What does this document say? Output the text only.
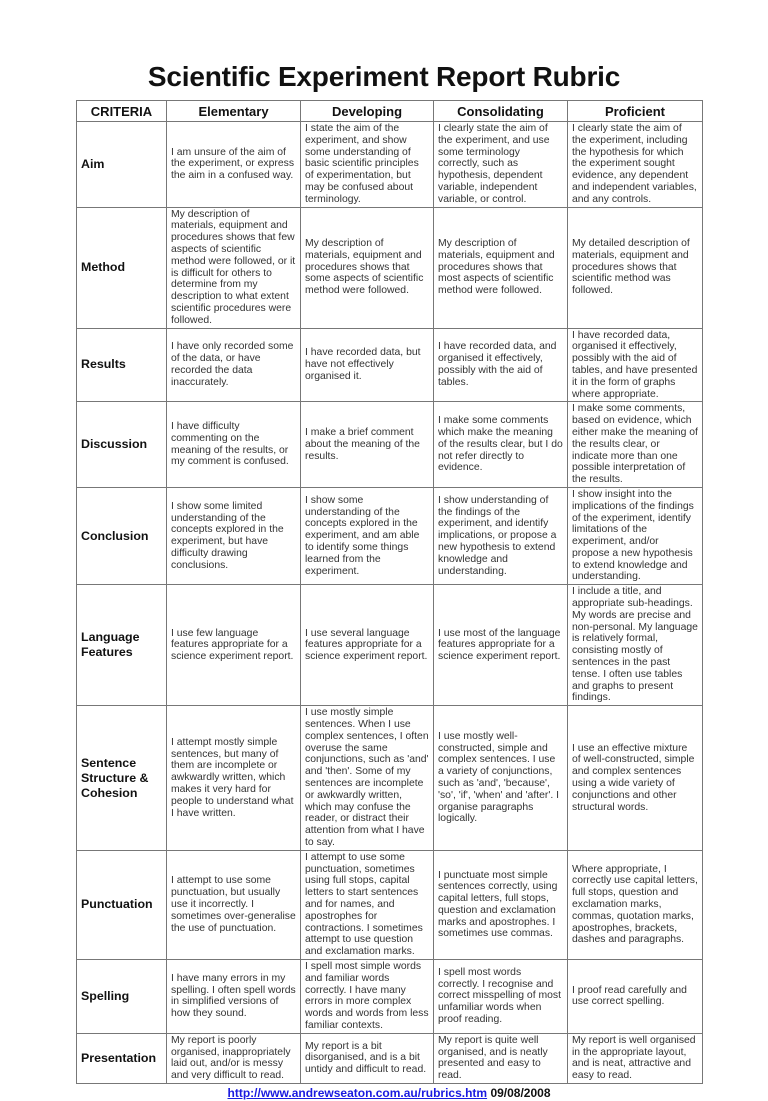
Scientific Experiment Report Rubric
CRITERIA	Elementary	Developing	Consolidating	Proficient

Aim	I am unsure of the aim of the experiment, or express the aim in a confused way.	I state the aim of the experiment, and show some understanding of basic scientific principles of experimentation, but may be confused about terminology.	I clearly state the aim of the experiment, and use some terminology correctly, such as hypothesis, dependent variable, independent variable, or control.	I clearly state the aim of the experiment, including the hypothesis for which the experiment sought evidence, any dependent and independent variables, and any controls.

Method	My description of materials, equipment and procedures shows that few aspects of scientific method were followed, or it is difficult for others to determine from my description to what extent scientific procedures were followed.	My description of materials, equipment and procedures shows that some aspects of scientific method were followed.	My description of materials, equipment and procedures shows that most aspects of scientific method were followed.	My detailed description of materials, equipment and procedures shows that scientific method was followed.

Results	I have only recorded some of the data, or have recorded the data inaccurately.	I have recorded data, but have not effectively organised it.	I have recorded data, and organised it effectively, possibly with the aid of tables.	I have recorded data, organised it effectively, possibly with the aid of tables, and have presented it in the form of graphs where appropriate.

Discussion	I have difficulty commenting on the meaning of the results, or my comment is confused.	I make a brief comment about the meaning of the results.	I make some comments which make the meaning of the results clear, but I do not refer directly to evidence.	I make some comments, based on evidence, which either make the meaning of the results clear, or indicate more than one possible interpretation of the results.

Conclusion	I show some limited understanding of the concepts explored in the experiment, but have difficulty drawing conclusions.	I show some understanding of the concepts explored in the experiment, and am able to identify some things learned from the experiment.	I show understanding of the findings of the experiment, and identify implications, or propose a new hypothesis to extend knowledge and understanding.	I show insight into the implications of the findings of the experiment, identify limitations of the experiment, and/or propose a new hypothesis to extend knowledge and understanding.

Language Features	I use few language features appropriate for a science experiment report.	I use several language features appropriate for a science experiment report.	I use most of the language features appropriate for a science experiment report.	I include a title, and appropriate sub-headings. My words are precise and non-personal. My language is relatively formal, consisting mostly of sentences in the past tense. I often use tables and graphs to present findings.

Sentence Structure & Cohesion	I attempt mostly simple sentences, but many of them are incomplete or awkwardly written, which makes it very hard for people to understand what I have written.	I use mostly simple sentences. When I use complex sentences, I often overuse the same conjunctions, such as 'and' and 'then'. Some of my sentences are incomplete or awkwardly written, which may confuse the reader, or distract their attention from what I have to say.	I use mostly well-constructed, simple and complex sentences. I use a variety of conjunctions, such as 'and', 'because', 'so', 'if', 'when' and 'after'. I organise paragraphs logically.	I use an effective mixture of well-constructed, simple and complex sentences using a wide variety of conjunctions and other structural words.

Punctuation	I attempt to use some punctuation, but usually use it incorrectly. I sometimes over-generalise the use of punctuation.	I attempt to use some punctuation, sometimes using full stops, capital letters to start sentences and for names, and apostrophes for contractions. I sometimes attempt to use question and exclamation marks.	I punctuate most simple sentences correctly, using capital letters, full stops, question and exclamation marks and apostrophes. I sometimes use commas.	Where appropriate, I correctly use capital letters, full stops, question and exclamation marks, commas, quotation marks, apostrophes, brackets, dashes and paragraphs.

Spelling	I have many errors in my spelling. I often spell words in simplified versions of how they sound.	I spell most simple words and familiar words correctly. I have many errors in more complex words and words from less familiar contexts.	I spell most words correctly. I recognise and correct misspelling of most unfamiliar words when proof reading.	I proof read carefully and use correct spelling.

Presentation	My report is poorly organised, inappropriately laid out, and/or is messy and very difficult to read.	My report is a bit disorganised, and is a bit untidy and difficult to read.	My report is quite well organised, and is neatly presented and easy to read.	My report is well organised in the appropriate layout, and is neat, attractive and easy to read.
http://www.andrewseaton.com.au/rubrics.htm 09/08/2008
